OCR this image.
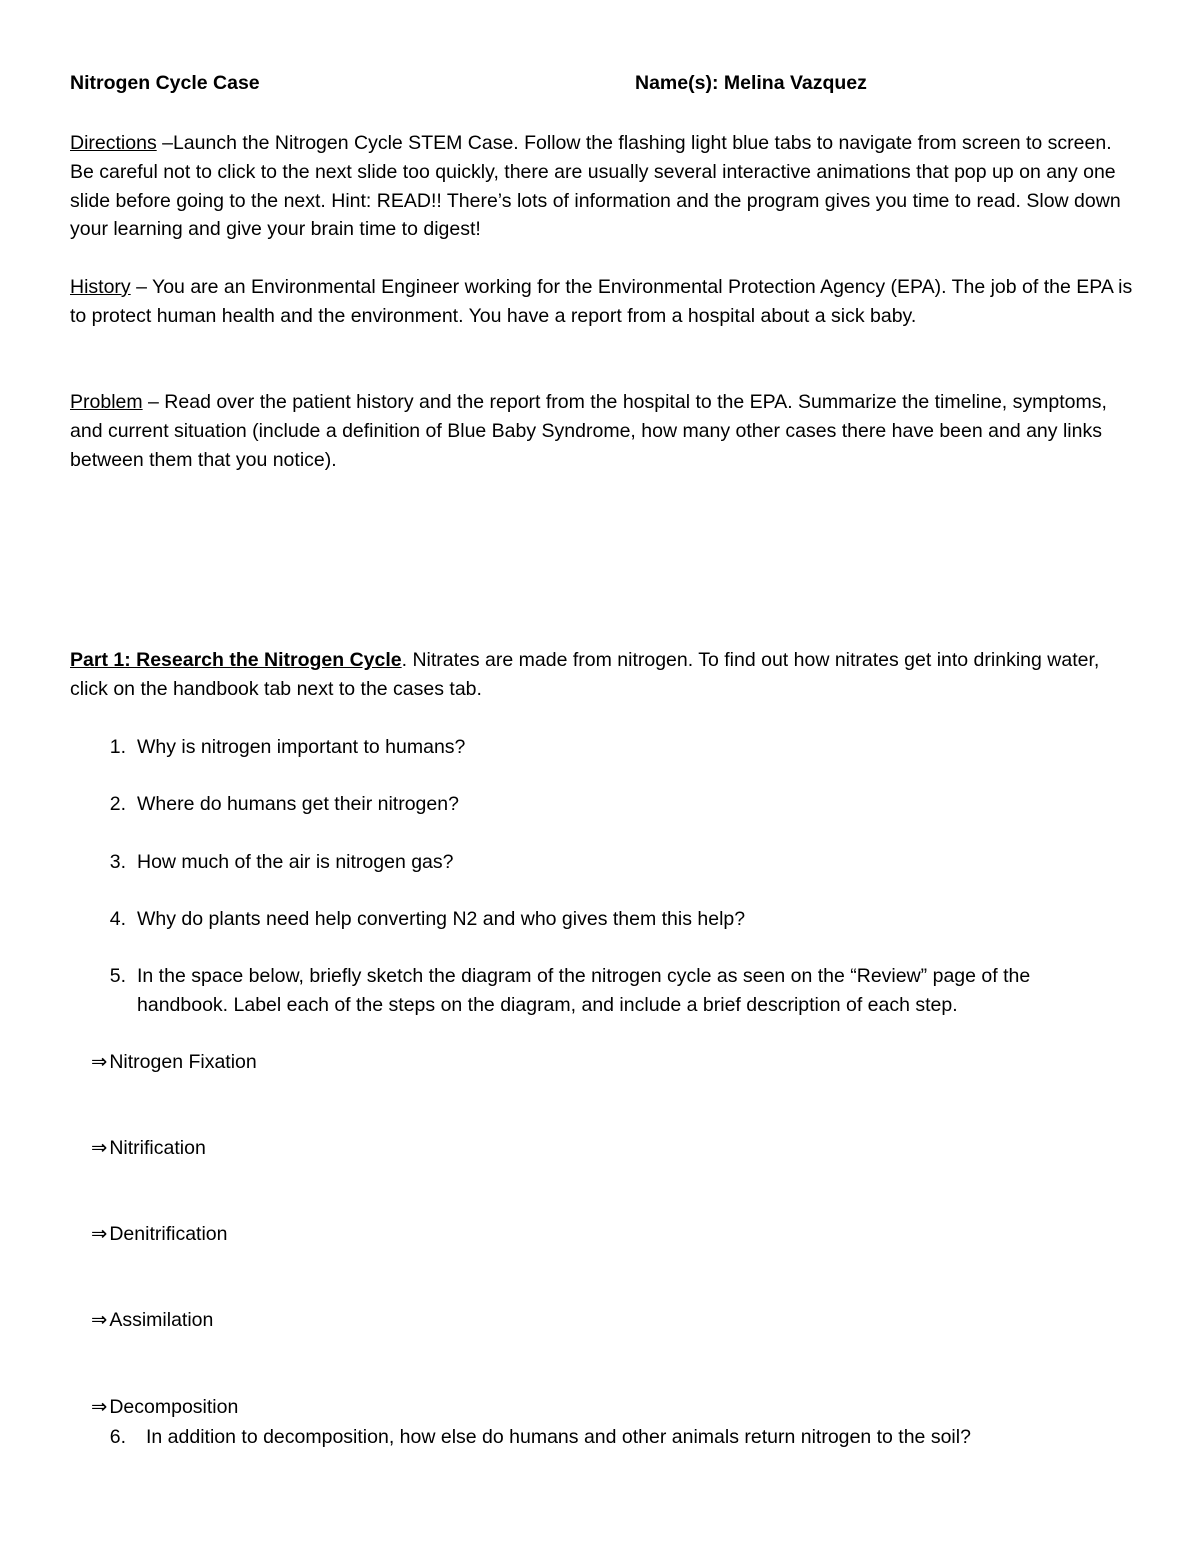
Nitrogen Cycle Case	Name(s): Melina Vazquez
Directions –Launch the Nitrogen Cycle STEM Case. Follow the flashing light blue tabs to navigate from screen to screen. Be careful not to click to the next slide too quickly, there are usually several interactive animations that pop up on any one slide before going to the next. Hint: READ!! There’s lots of information and the program gives you time to read. Slow down your learning and give your brain time to digest!
History – You are an Environmental Engineer working for the Environmental Protection Agency (EPA). The job of the EPA is to protect human health and the environment. You have a report from a hospital about a sick baby.
Problem – Read over the patient history and the report from the hospital to the EPA. Summarize the timeline, symptoms, and current situation (include a definition of Blue Baby Syndrome, how many other cases there have been and any links between them that you notice).
Part 1: Research the Nitrogen Cycle. Nitrates are made from nitrogen. To find out how nitrates get into drinking water, click on the handbook tab next to the cases tab.
1. Why is nitrogen important to humans?
2. Where do humans get their nitrogen?
3. How much of the air is nitrogen gas?
4. Why do plants need help converting N2 and who gives them this help?
5. In the space below, briefly sketch the diagram of the nitrogen cycle as seen on the “Review” page of the handbook. Label each of the steps on the diagram, and include a brief description of each step.
⇒ Nitrogen Fixation
⇒ Nitrification
⇒ Denitrification
⇒ Assimilation
⇒ Decomposition
6. In addition to decomposition, how else do humans and other animals return nitrogen to the soil?
